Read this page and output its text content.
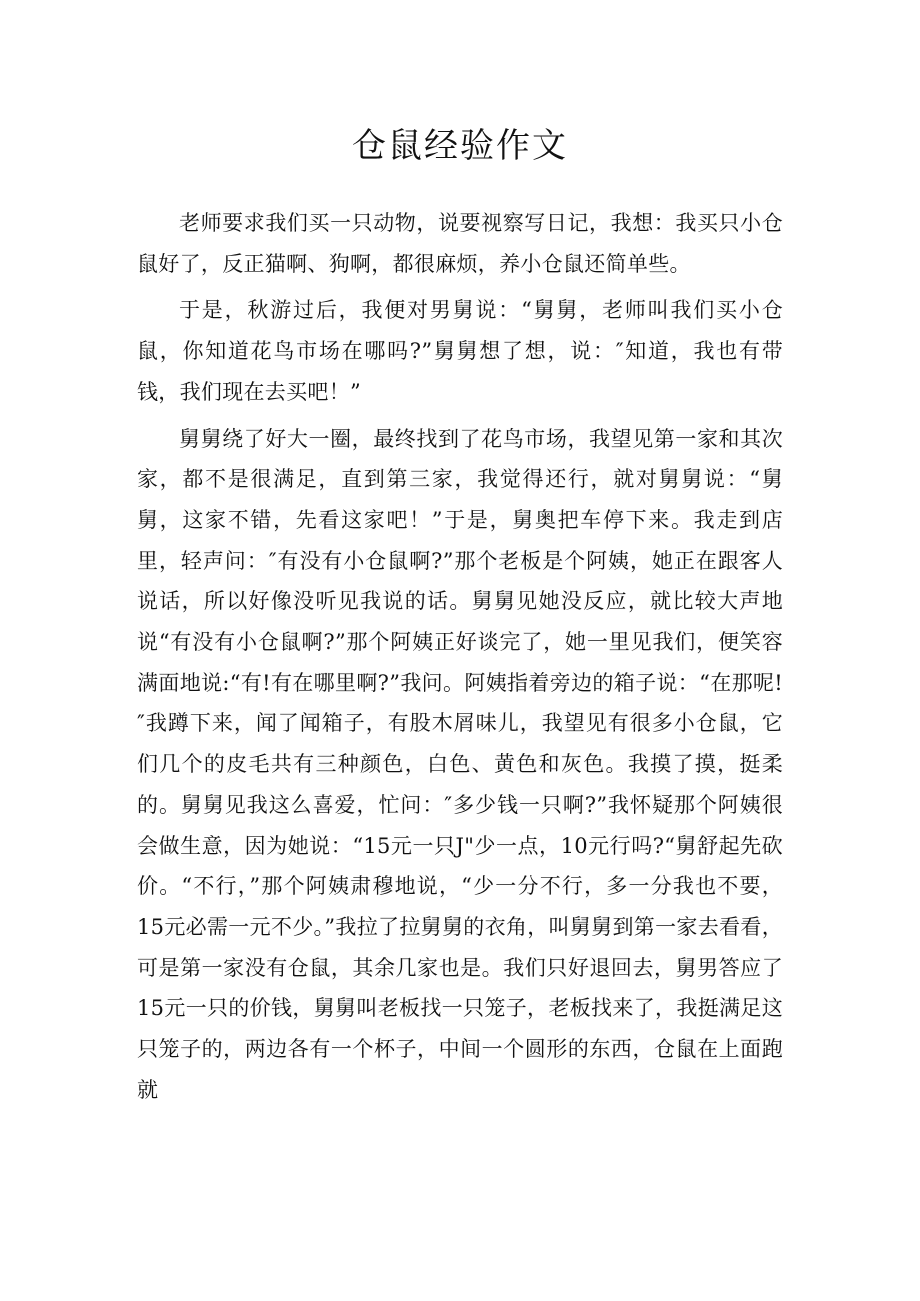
仓鼠经验作文

老师要求我们买一只动物，说要视察写日记，我想：我买只小仓鼠好了，反正猫啊、狗啊，都很麻烦，养小仓鼠还简单些。

于是，秋游过后，我便对男舅说：“舅舅，老师叫我们买小仓鼠，你知道花鸟市场在哪吗?”舅舅想了想，说：″知道，我也有带钱，我们现在去买吧！”

舅舅绕了好大一圈，最终找到了花鸟市场，我望见第一家和其次家，都不是很满足，直到第三家，我觉得还行，就对舅舅说：“舅舅，这家不错，先看这家吧！”于是，舅奥把车停下来。我走到店里，轻声问：″有没有小仓鼠啊?”那个老板是个阿姨，她正在跟客人说话，所以好像没听见我说的话。舅舅见她没反应，就比较大声地说“有没有小仓鼠啊?”那个阿姨正好谈完了，她一里见我们，便笑容满面地说:“有!有在哪里啊?”我问。阿姨指着旁边的箱子说：“在那呢!″我蹲下来，闻了闻箱子，有股木屑味儿，我望见有很多小仓鼠，它们几个的皮毛共有三种颜色，白色、黄色和灰色。我摸了摸，挺柔的。舅舅见我这么喜爱，忙问：″多少钱一只啊?”我怀疑那个阿姨很会做生意，因为她说：“15元一只J"少一点，10元行吗?“舅舒起先砍价。“不行，”那个阿姨肃穆地说，“少一分不行，多一分我也不要，15元必需一元不少。”我拉了拉舅舅的衣角，叫舅舅到第一家去看看，可是第一家没有仓鼠，其余几家也是。我们只好退回去，舅男答应了15元一只的价钱，舅舅叫老板找一只笼子，老板找来了，我挺满足这只笼子的，两边各有一个杯子，中间一个圆形的东西，仓鼠在上面跑就
